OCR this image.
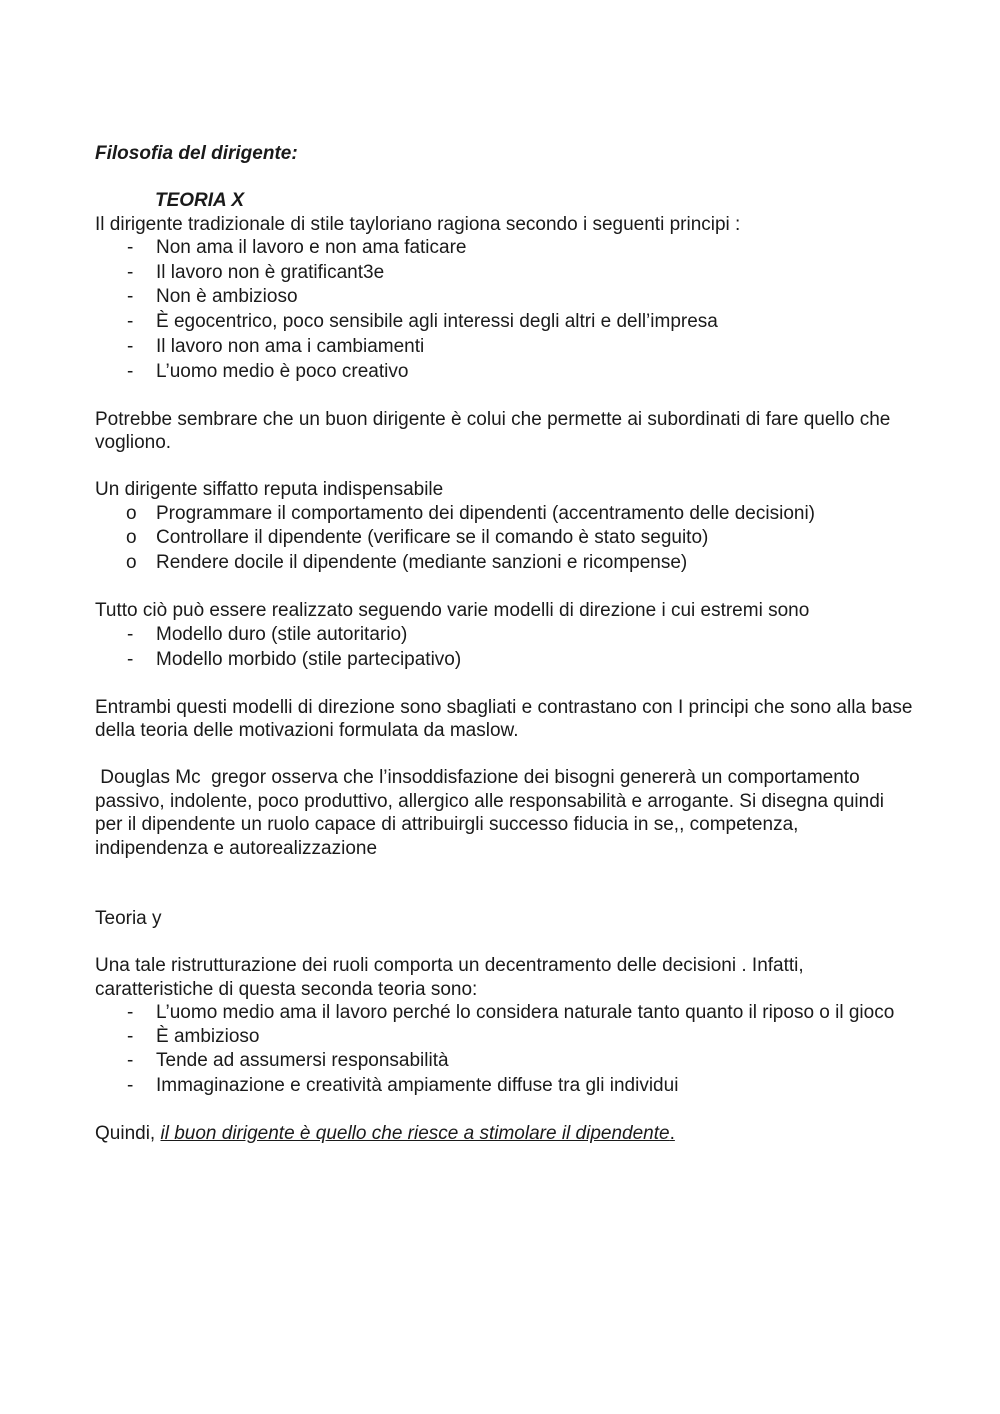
Filosofia del dirigente:

TEORIA X

Il dirigente tradizionale di stile tayloriano ragiona secondo i seguenti principi :

- Non ama il lavoro e non ama faticare
- Il lavoro non è gratificant3e
- Non è ambizioso
- È egocentrico, poco sensibile agli interessi degli altri e dell’impresa
- Il lavoro non ama i cambiamenti
- L’uomo medio è poco creativo

Potrebbe sembrare che un buon dirigente è colui che permette ai subordinati di fare quello che vogliono.

Un dirigente siffatto reputa indispensabile

o Programmare il comportamento dei dipendenti (accentramento delle decisioni)
o Controllare il dipendente (verificare se il comando è stato seguito)
o Rendere docile il dipendente (mediante sanzioni e ricompense)

Tutto ciò può essere realizzato seguendo varie modelli di direzione i cui estremi sono

- Modello duro (stile autoritario)
- Modello morbido (stile partecipativo)

Entrambi questi modelli di direzione sono sbagliati e contrastano con I principi che sono alla base della teoria delle motivazioni formulata da maslow.

Douglas Mc  gregor osserva che l’insoddisfazione dei bisogni genererà un comportamento passivo, indolente, poco produttivo, allergico alle responsabilità e arrogante. Si disegna quindi per il dipendente un ruolo capace di attribuirgli successo fiducia in se,, competenza, indipendenza e autorealizzazione

Teoria y

Una tale ristrutturazione dei ruoli comporta un decentramento delle decisioni . Infatti, caratteristiche di questa seconda teoria sono:

- L’uomo medio ama il lavoro perché lo considera naturale tanto quanto il riposo o il gioco
- È ambizioso
- Tende ad assumersi responsabilità
- Immaginazione e creatività ampiamente diffuse tra gli individui

Quindi, il buon dirigente è quello che riesce a stimolare il dipendente.
